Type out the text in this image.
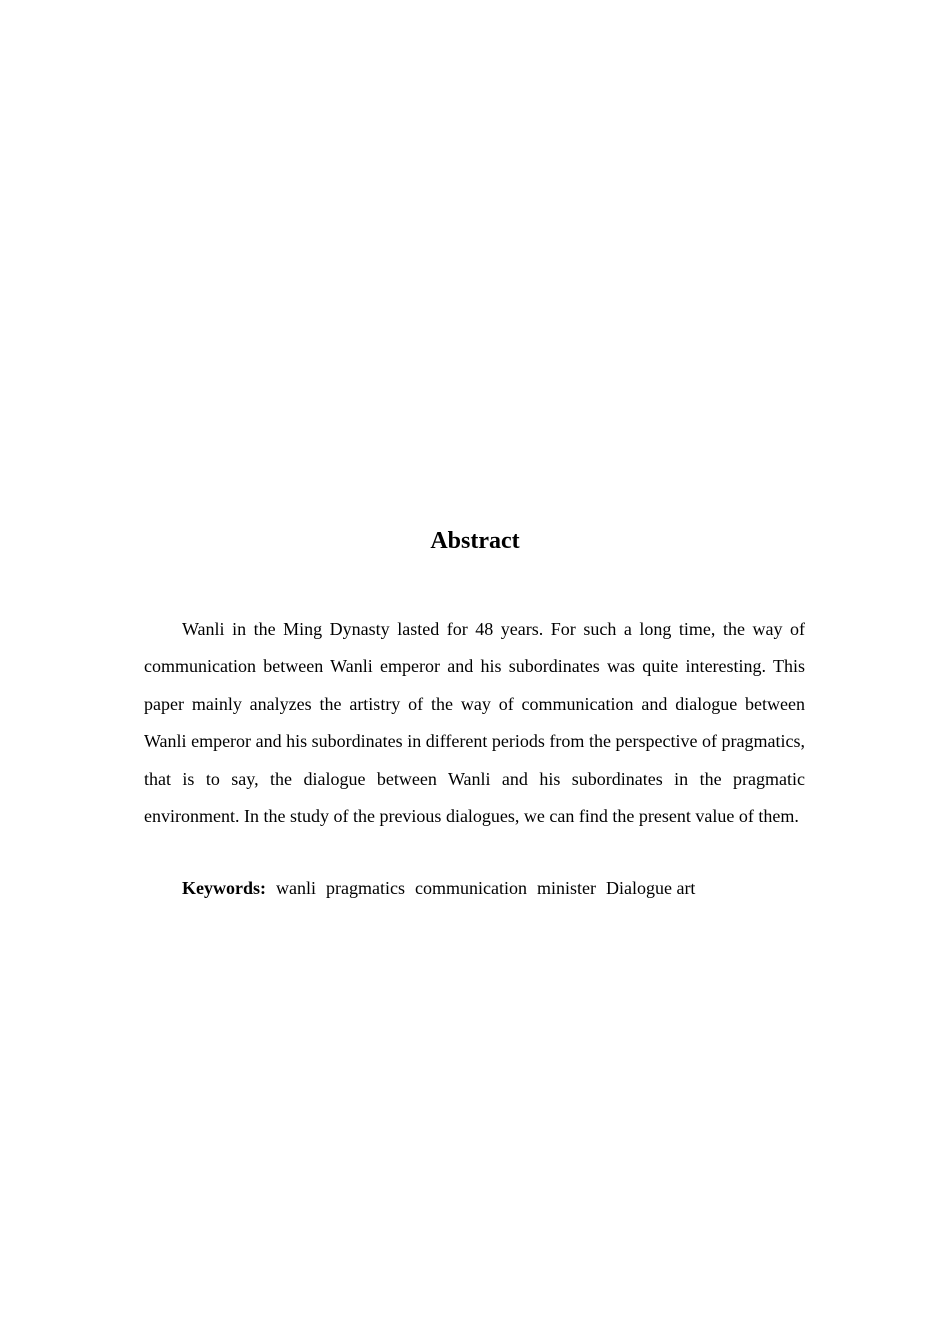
Abstract

Wanli in the Ming Dynasty lasted for 48 years. For such a long time, the way of communication between Wanli emperor and his subordinates was quite interesting. This paper mainly analyzes the artistry of the way of communication and dialogue between Wanli emperor and his subordinates in different periods from the perspective of pragmatics, that is to say, the dialogue between Wanli and his subordinates in the pragmatic environment. In the study of the previous dialogues, we can find the present value of them.

Keywords: wanli pragmatics communication minister Dialogue art
